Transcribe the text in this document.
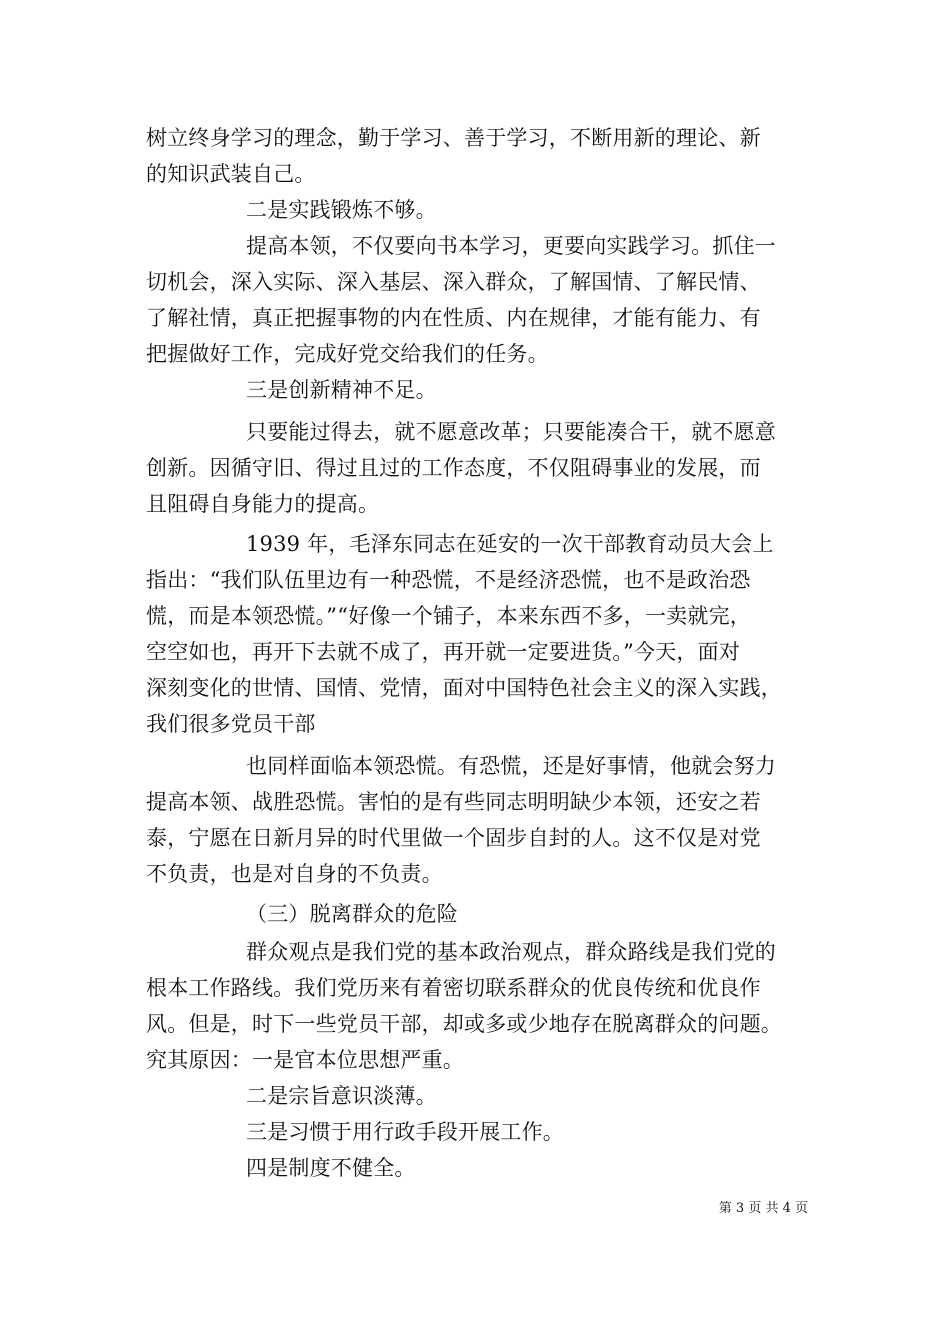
树立终身学习的理念，勤于学习、善于学习，不断用新的理论、新
的知识武装自己。
二是实践锻炼不够。
提高本领，不仅要向书本学习，更要向实践学习。抓住一
切机会，深入实际、深入基层、深入群众，了解国情、了解民情、
了解社情，真正把握事物的内在性质、内在规律，才能有能力、有
把握做好工作，完成好党交给我们的任务。
三是创新精神不足。
只要能过得去，就不愿意改革；只要能凑合干，就不愿意
创新。因循守旧、得过且过的工作态度，不仅阻碍事业的发展，而
且阻碍自身能力的提高。
1939 年，毛泽东同志在延安的一次干部教育动员大会上
指出：“我们队伍里边有一种恐慌，不是经济恐慌，也不是政治恐
慌，而是本领恐慌。”“好像一个铺子，本来东西不多，一卖就完，
空空如也，再开下去就不成了，再开就一定要进货。”今天，面对
深刻变化的世情、国情、党情，面对中国特色社会主义的深入实践，
我们很多党员干部
也同样面临本领恐慌。有恐慌，还是好事情，他就会努力
提高本领、战胜恐慌。害怕的是有些同志明明缺少本领，还安之若
泰，宁愿在日新月异的时代里做一个固步自封的人。这不仅是对党
不负责，也是对自身的不负责。
（三）脱离群众的危险
群众观点是我们党的基本政治观点，群众路线是我们党的
根本工作路线。我们党历来有着密切联系群众的优良传统和优良作
风。但是，时下一些党员干部，却或多或少地存在脱离群众的问题。
究其原因：一是官本位思想严重。
二是宗旨意识淡薄。
三是习惯于用行政手段开展工作。
四是制度不健全。
第 3 页 共 4 页
